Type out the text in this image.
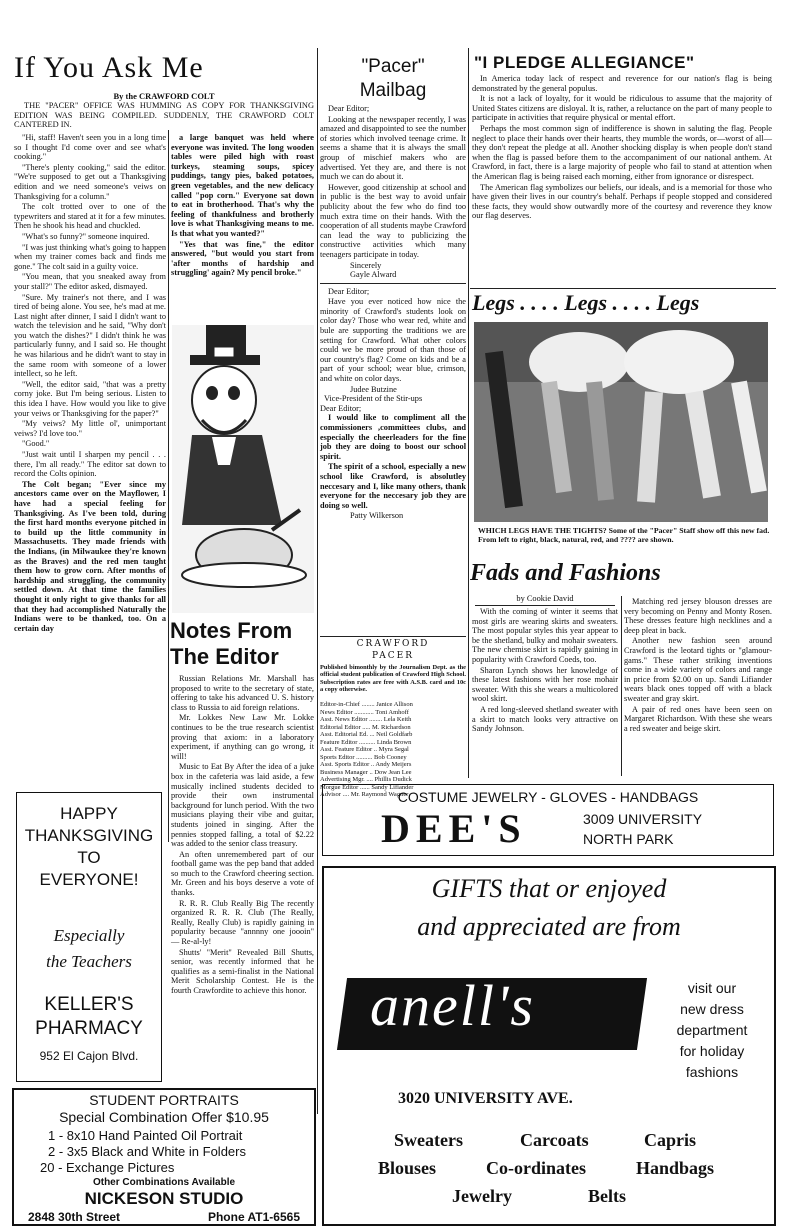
If You Ask Me
By the CRAWFORD COLT
THE "PACER" OFFICE WAS HUMMING AS COPY FOR THANKSGIVING EDITION WAS BEING COMPILED. SUDDENLY, THE CRAWFORD COLT CANTERED IN.

"Hi, staff! Haven't seen you in a long time so I thought I'd come over and see what's cooking."

"There's plenty cooking," said the editor. "We're supposed to get out a Thanksgiving edition and we need someone's veiws on Thanksgiving for a column."

The colt trotted over to one of the typewriters and stared at it for a few minutes. Then he shook his head and chuckled.

"What's so funny?" someone inquired.

"I was just thinking what's going to happen when my trainer comes back and finds me gone." The colt said in a guilty voice.

"You mean, that you sneaked away from your stall?" The editor asked, dismayed.

"Sure. My trainer's not there, and I was tired of being alone. You see, he's mad at me. Last night after dinner, I said I didn't want to watch the television and he said, "Why don't you watch the dishes?" I didn't think he was particularly funny, and I said so. He thought he was hilarious and he didn't want to stay in the same room with someone of a lower intellect, so he left.

"Well, the editor said, "that was a pretty corny joke. But I'm being serious. Listen to this idea I have. How would you like to give your veiws or Thanksgiving for the paper?"

"My veiws? My little ol', unimportant veiws? I'd love too."

"Good."

"Just wait until I sharpen my pencil . . . there, I'm all ready." The editor sat down to record the Colts opinion.

The Colt began; "Ever since my ancestors came over on the Mayflower, I have had a special feeling for Thanksgiving. As I've been told, during the first hard months everyone pitched in to build up the little community in Massachusetts. They made friends with the Indians, (in Milwaukee they're known as the Braves) and the red men taught them how to grow corn. After months of hardship and struggling, the community settled down. At that time the families thought it only right to give thanks for all that they had accomplished Naturally the Indians were to be thanked, too. On a certain day

a large banquet was held where everyone was invited. The long wooden tables were piled high with roast turkeys, steaming soups, spicey puddings, tangy pies, baked potatoes, green vegetables, and the new delicacy called "pop corn." Everyone sat down to eat in brotherhood. That's why the feeling of thankfulness and brotherly love is what Thanksgiving means to me. Is that what you wanted?"

"Yes that was fine," the editor answered, "but would you start from 'after months of hardship and struggling' again? My pencil broke."

Notes From The Editor

Russian Relations Mr. Marshall has proposed to write to the secretary of state, offering to take his advanced U. S. history class to Russia to aid foreign relations.

Mr. Lokkes New Law Mr. Lokke continues to be the true research scientist proving that axiom: in a laboratory experiment, if anything can go wrong, it will!

Music to Eat By After the idea of a juke box in the cafeteria was laid aside, a few musically inclined students decided to provide their own instrumental background for lunch period. With the two musicians playing their vibe and guitar, students joined in singing. After the pennies stopped falling, a total of $2.22 was added to the senior class treasury.

An often unremembered part of our football game was the pep band that added so much to the Crawford cheering section. Mr. Green and his boys deserve a vote of thanks.

R. R. R. Club Really Big The recently organized R. R. R. Club (The Really, Really, Really Club) is rapidly gaining in popularity because "annnny one joooin" — Re-al-ly!

Shutts' "Merit" Revealed Bill Shutts, senior, was recently informed that he qualifies as a semi-finalist in the National Merit Scholarship Contest. He is the fourth Crawfordite to achieve this honor.

"Pacer"
Mailbag

Dear Editor;

Looking at the newspaper recently, I was amazed and disappointed to see the number of stories which involved teenage crime. It seems a shame that it is always the small group of mischief makers who are advertised. Yet they are, and there is not much we can do about it.

However, good citizenship at school and in public is the best way to avoid unfair publicity about the few who do find too much extra time on their hands. With the cooperation of all students maybe Crawford can lead the way to publicizing the constructive activities which many teenagers participate in today.

Sincerely
Gayle Alward

Dear Editor;

Have you ever noticed how nice the minority of Crawford's students look on color day? Those who wear red, white and bule are supporting the traditions we are setting for Crawford. What other colors could we be more proud of than those of our country's flag? Come on kids and be a part of your school; wear blue, crimson, and white on color days.

Judee Butzine
Vice-President of the Stir-ups
Dear Editor;

I would like to compliment all the commissioners ,committees clubs, and especially the cheerleaders for the fine job they are doing to boost our school spirit.

The spirit of a school, especially a new school like Crawford, is absolutley neccesary and I, like many others, thank everyone for the neccesary job they are doing so well.

Patty Wilkerson
CRAWFORD
PACER
Published bimonthly by the Journalism Dept. as the official student publication of Crawford High School. Subscription rates are free with A.S.B. card and 10c a copy otherwise.
Editor-in-Chief ........ Janice Allison
News Editor ............ Toni Amhoff
Asst. News Editor ........ Lela Keith
Editorial Editor ..... M. Richardson
Asst. Editorial Ed. ... Neil Goldfarb
Feature Editor .......... Linda Brown
Asst. Feature Editor .. Myra Segal
Sports Editor .......... Bob Cooney
Asst. Sports Editor .. Andy Meijers
Business Manager .. Dow Jean Lee
Advertising Mgr. .... Phillis Dudick
Morgue Editor ...... Sandy Lifiander
Advisor .... Mr. Raymond Wagner
"I PLEDGE ALLEGIANCE"

In America today lack of respect and reverence for our nation's flag is being demonstrated by the general populus.

It is not a lack of loyalty, for it would be ridiculous to assume that the majority of United States citizens are disloyal. It is, rather, a reluctance on the part of many people to participate in activities that require physical or mental effort.

Perhaps the most common sign of indifference is shown in saluting the flag. People neglect to place their hands over their hearts, they mumble the words, or—worst of all—they don't repeat the pledge at all. Another shocking display is when people don't stand when the flag is passed before them to the accompaniment of our national anthem. At Crawford, in fact, there is a large majority of people who fail to stand at attention when the American flag is being raised each morning, either from ignorance or disrespect.

The American flag symbolizes our beliefs, our ideals, and is a memorial for those who have given their lives in our country's behalf. Perhaps if people stopped and considered these facts, they would show outwardly more of the courtesy and reverence they know our flag deserves.

Legs . . . . Legs . . . . Legs
WHICH LEGS HAVE THE TIGHTS? Some of the "Pacer" Staff show off this new fad. From left to right, black, natural, red, and ???? are shown.
Fads and Fashions
by Cookie David

With the coming of winter it seems that most girls are wearing skirts and sweaters. The most popular styles this year appear to be the shetland, bulky and mohair sweaters. The new chemise skirt is rapidly gaining in popularity with Crawford Coeds, too.

Sharon Lynch shows her knowledge of these latest fashions with her rose mohair sweater. With this she wears a multicolored wool skirt.

A red long-sleeved shetland sweater with a skirt to match looks very attractive on Sandy Johnson.

Matching red jersey blouson dresses are very becoming on Penny and Monty Rosen. These dresses feature high necklines and a deep pleat in back.

Another new fashion seen around Crawford is the leotard tights or "glamour-gams." These rather striking inventions come in a wide variety of colors and range in price from $2.00 on up. Sandi Lifiander wears black ones topped off with a black sweater and gray skirt.

A pair of red ones have been seen on Margaret Richardson. With these she wears a red sweater and beige skirt.

HAPPY
THANKSGIVING
TO
EVERYONE!
Especially
the Teachers
KELLER'S
PHARMACY
952 El Cajon Blvd.
STUDENT PORTRAITS
Special Combination Offer $10.95
1 - 8x10 Hand Painted Oil Portrait
2 - 3x5 Black and White in Folders
20 - Exchange Pictures
Other Combinations Available
NICKESON STUDIO
2848 30th Street	Phone AT1-6565
COSTUME JEWELRY - GLOVES - HANDBAGS
DEE'S	3009 UNIVERSITY
NORTH PARK
GIFTS that or enjoyed
and appreciated are from
anell's	visit our
new dress
department
for holiday
fashions
3020 UNIVERSITY AVE.
Sweaters	Carcoats	Capris
Blouses	Co-ordinates	Handbags
Jewelry	Belts
